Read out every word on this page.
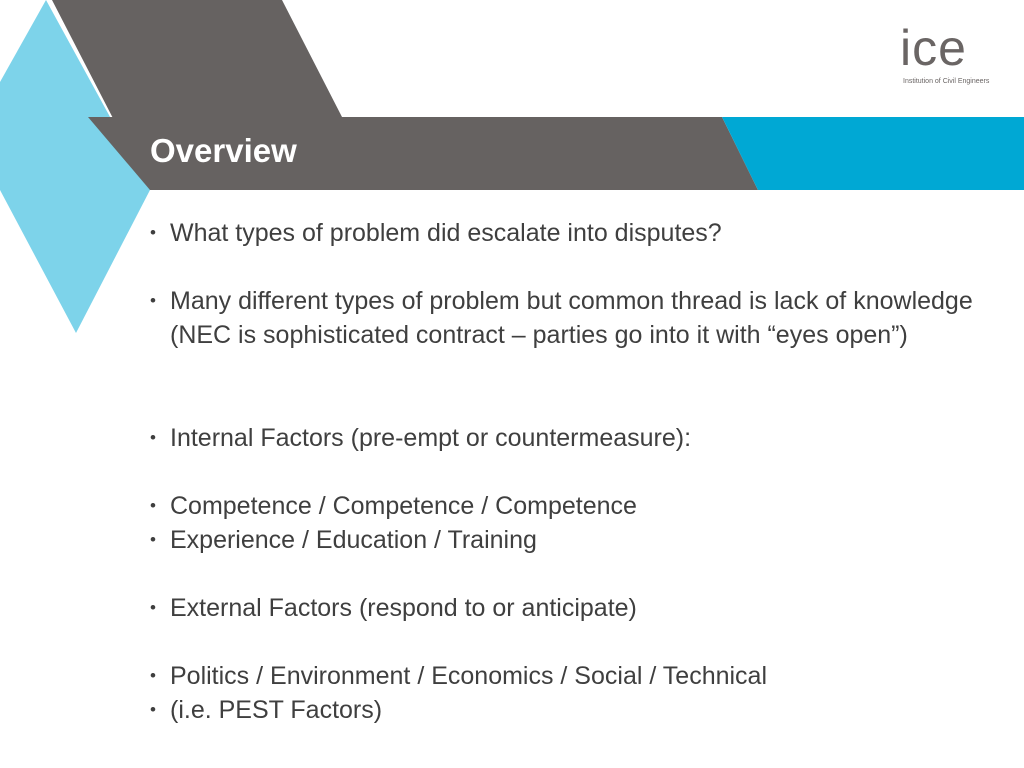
Overview
ice
Institution of Civil Engineers
• What types of problem did escalate into disputes?
• Many different types of problem but common thread is lack of knowledge (NEC is sophisticated contract – parties go into it with “eyes open”)
• Internal Factors (pre-empt or countermeasure):
• Competence / Competence / Competence
• Experience / Education / Training
• External Factors (respond to or anticipate)
• Politics / Environment / Economics / Social / Technical
• (i.e. PEST Factors)
